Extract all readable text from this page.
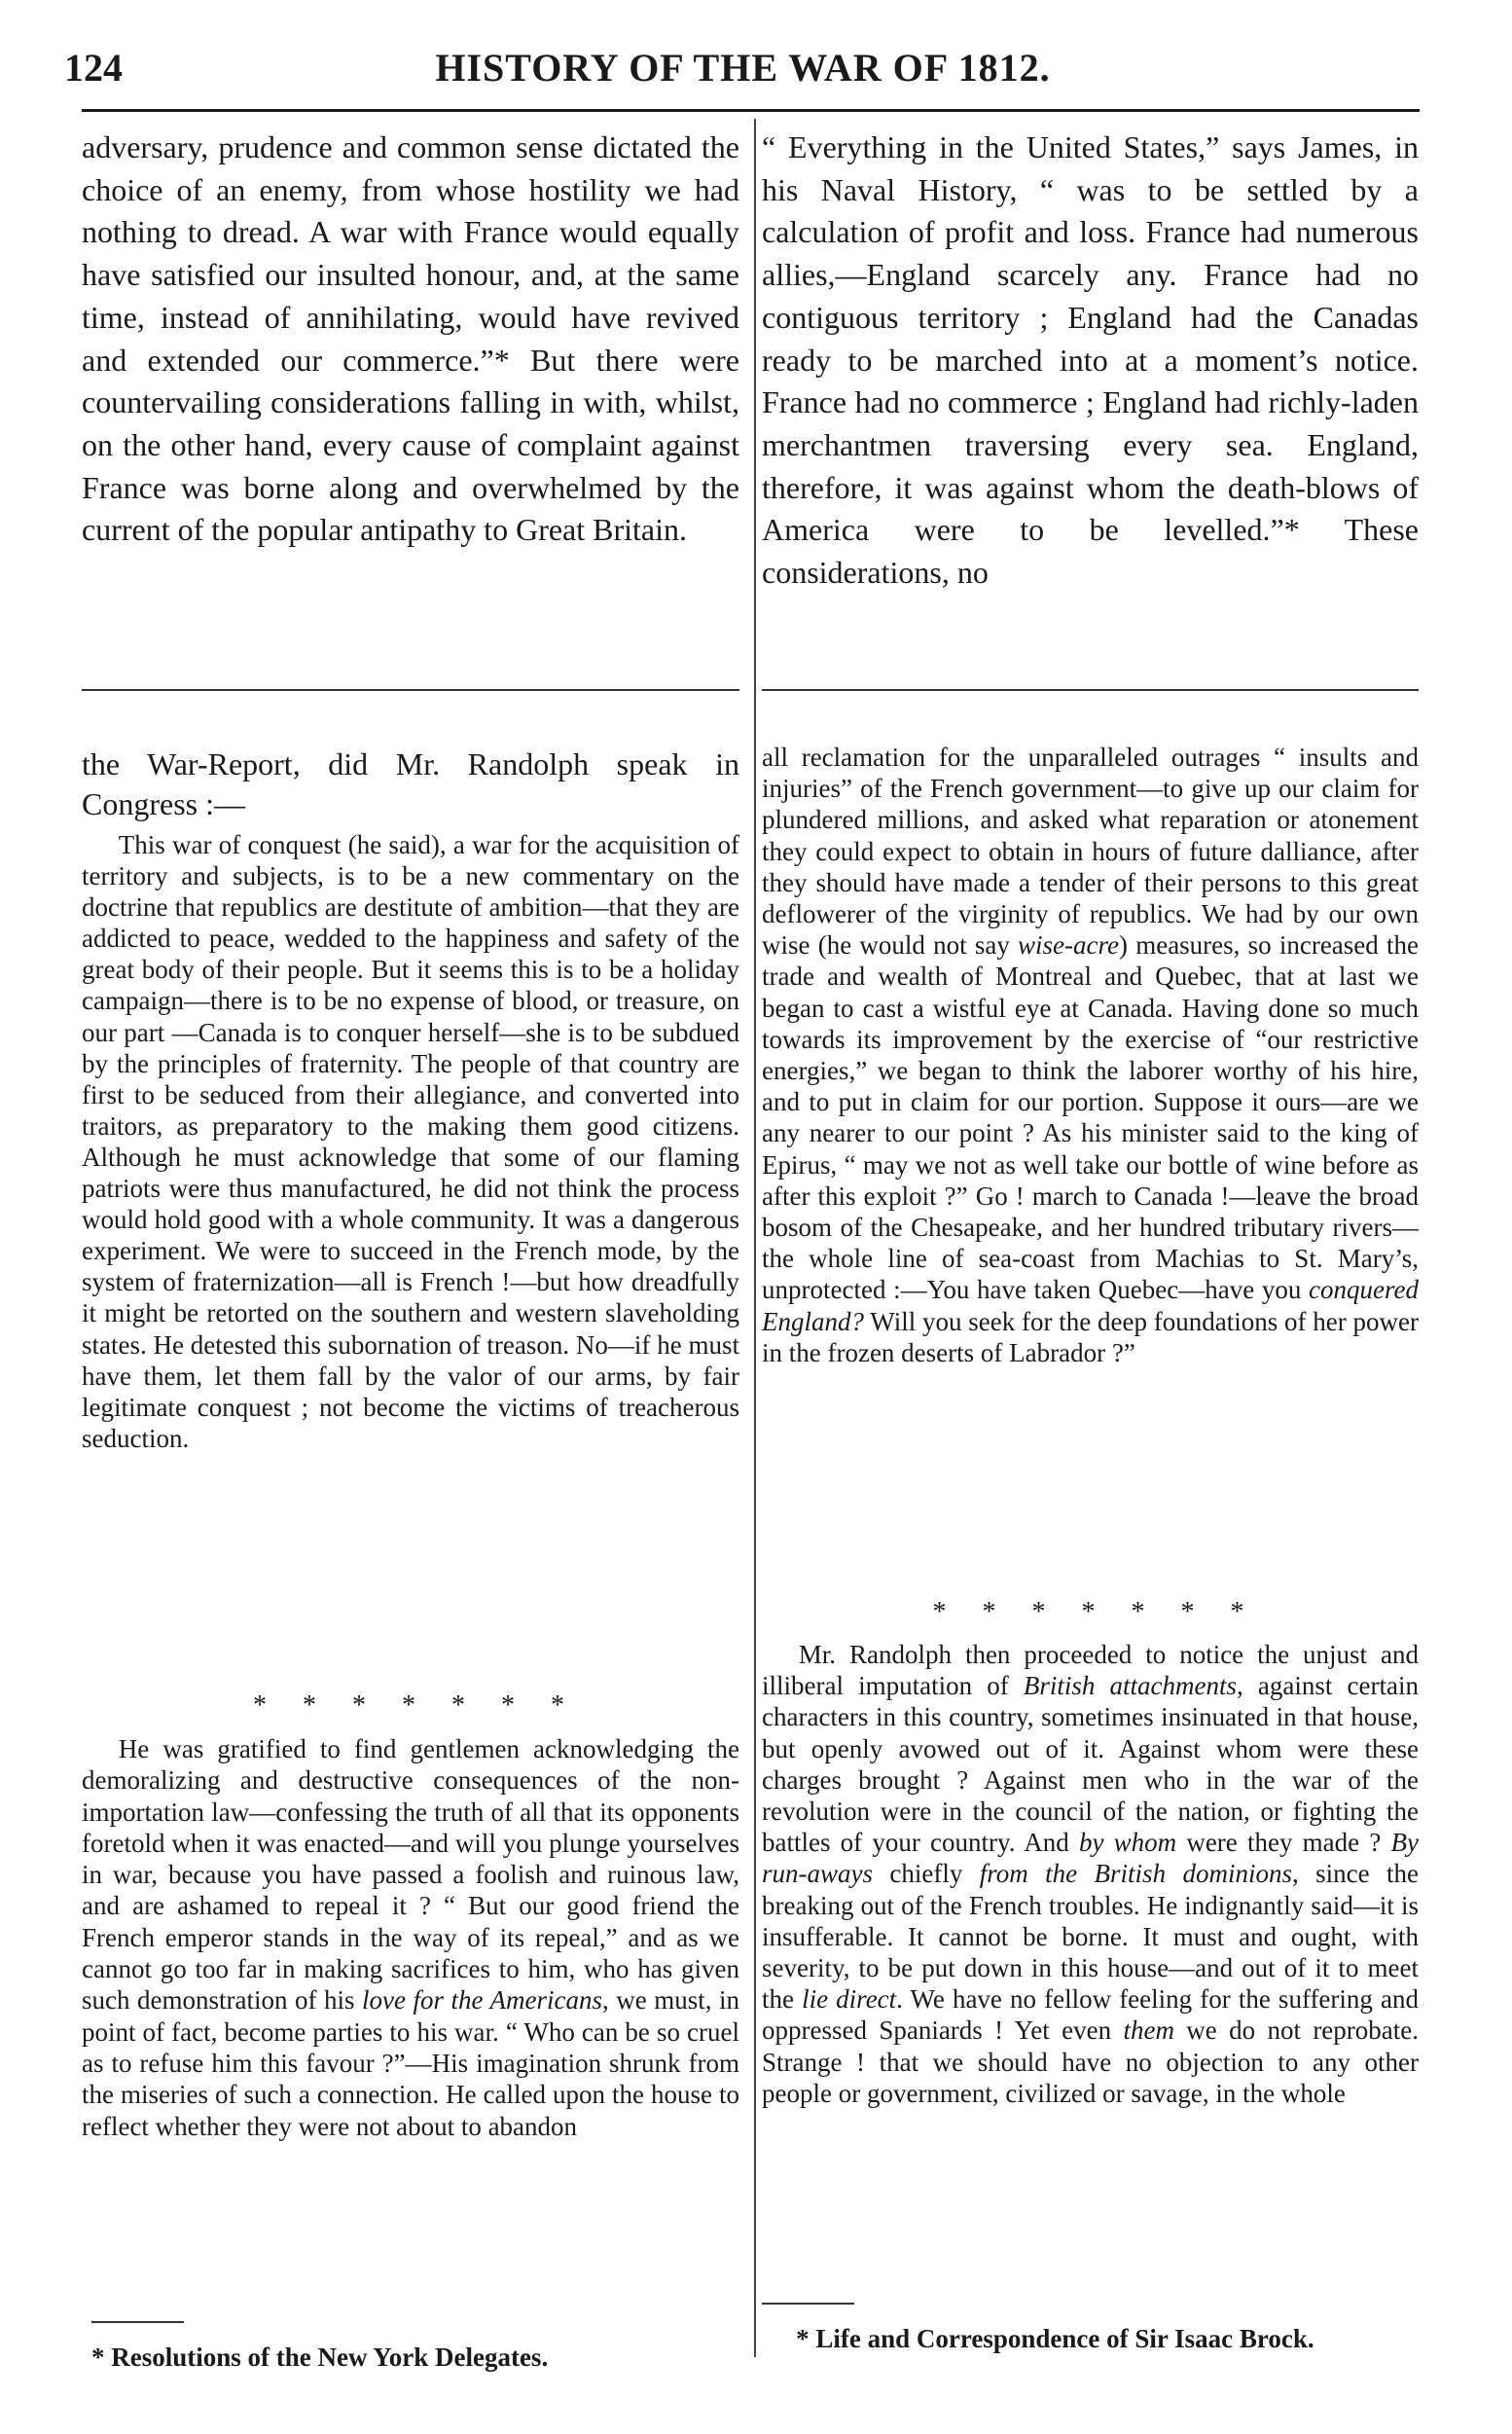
124	HISTORY OF THE WAR OF 1812.

adversary, prudence and common sense dictated the choice of an enemy, from whose hostility we had nothing to dread. A war with France would equally have satisfied our insulted honour, and, at the same time, instead of annihilating, would have revived and extended our commerce.”* But there were countervailing considerations falling in with, whilst, on the other hand, every cause of complaint against France was borne along and overwhelmed by the current of the popular antipathy to Great Britain.

“ Everything in the United States,” says James, in his Naval History, “ was to be settled by a calculation of profit and loss. France had numerous allies,—England scarcely any. France had no contiguous territory ; England had the Canadas ready to be marched into at a moment’s notice. France had no commerce ; England had richly-laden merchantmen traversing every sea. England, therefore, it was against whom the death-blows of America were to be levelled.”* These considerations, no

the War-Report, did Mr. Randolph speak in Congress :—

This war of conquest (he said), a war for the acquisition of territory and subjects, is to be a new commentary on the doctrine that republics are destitute of ambition—that they are addicted to peace, wedded to the happiness and safety of the great body of their people. But it seems this is to be a holiday campaign—there is to be no expense of blood, or treasure, on our part —Canada is to conquer herself—she is to be subdued by the principles of fraternity. The people of that country are first to be seduced from their allegiance, and converted into traitors, as preparatory to the making them good citizens. Although he must acknowledge that some of our flaming patriots were thus manufactured, he did not think the process would hold good with a whole community. It was a dangerous experiment. We were to succeed in the French mode, by the system of fraternization—all is French !—but how dreadfully it might be retorted on the southern and western slaveholding states. He detested this subornation of treason. No—if he must have them, let them fall by the valor of our arms, by fair legitimate conquest ; not become the victims of treacherous seduction.

* * * * * * *

He was gratified to find gentlemen acknowledging the demoralizing and destructive consequences of the non-importation law—confessing the truth of all that its opponents foretold when it was enacted—and will you plunge yourselves in war, because you have passed a foolish and ruinous law, and are ashamed to repeal it ? “ But our good friend the French emperor stands in the way of its repeal,” and as we cannot go too far in making sacrifices to him, who has given such demonstration of his love for the Americans, we must, in point of fact, become parties to his war. “ Who can be so cruel as to refuse him this favour ?”—His imagination shrunk from the miseries of such a connection. He called upon the house to reflect whether they were not about to abandon

all reclamation for the unparalleled outrages “ insults and injuries” of the French government—to give up our claim for plundered millions, and asked what reparation or atonement they could expect to obtain in hours of future dalliance, after they should have made a tender of their persons to this great deflowerer of the virginity of republics. We had by our own wise (he would not say wise-acre) measures, so increased the trade and wealth of Montreal and Quebec, that at last we began to cast a wistful eye at Canada. Having done so much towards its improvement by the exercise of “our restrictive energies,” we began to think the laborer worthy of his hire, and to put in claim for our portion. Suppose it ours—are we any nearer to our point ? As his minister said to the king of Epirus, “ may we not as well take our bottle of wine before as after this exploit ?” Go ! march to Canada !—leave the broad bosom of the Chesapeake, and her hundred tributary rivers—the whole line of sea-coast from Machias to St. Mary’s, unprotected :—You have taken Quebec—have you conquered England? Will you seek for the deep foundations of her power in the frozen deserts of Labrador ?”

* * * * * * *

Mr. Randolph then proceeded to notice the unjust and illiberal imputation of British attachments, against certain characters in this country, sometimes insinuated in that house, but openly avowed out of it. Against whom were these charges brought ? Against men who in the war of the revolution were in the council of the nation, or fighting the battles of your country. And by whom were they made ? By run-aways chiefly from the British dominions, since the breaking out of the French troubles. He indignantly said—it is insufferable. It cannot be borne. It must and ought, with severity, to be put down in this house—and out of it to meet the lie direct. We have no fellow feeling for the suffering and oppressed Spaniards ! Yet even them we do not reprobate. Strange ! that we should have no objection to any other people or government, civilized or savage, in the whole

* Resolutions of the New York Delegates.
* Life and Correspondence of Sir Isaac Brock.
